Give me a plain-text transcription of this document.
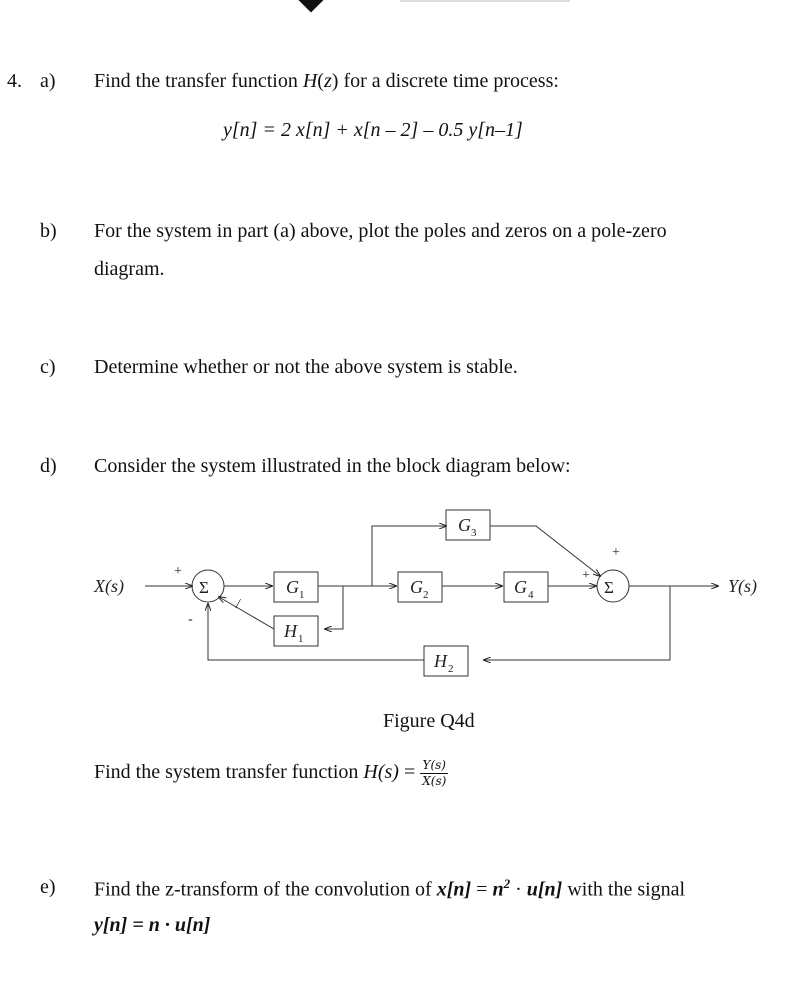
4. a) Find the transfer function H(z) for a discrete time process:
y[n] = 2 x[n] + x[n – 2] – 0.5 y[n–1]
b) For the system in part (a) above, plot the poles and zeros on a pole-zero
diagram.
c) Determine whether or not the above system is stable.
d) Consider the system illustrated in the block diagram below:
X(s)	Y(s)
Σ	Σ
G 1	G 2
G 3
G 4
H 1
H 2
+
-
/
+
+
Figure Q4d
Find the system transfer function $H(s) = \frac{Y(s)}{X(s)}$
e) Find the z-transform of the convolution of $x[n] = n^2 \cdot u[n]$ with the signal
y[n] = n · u[n]
